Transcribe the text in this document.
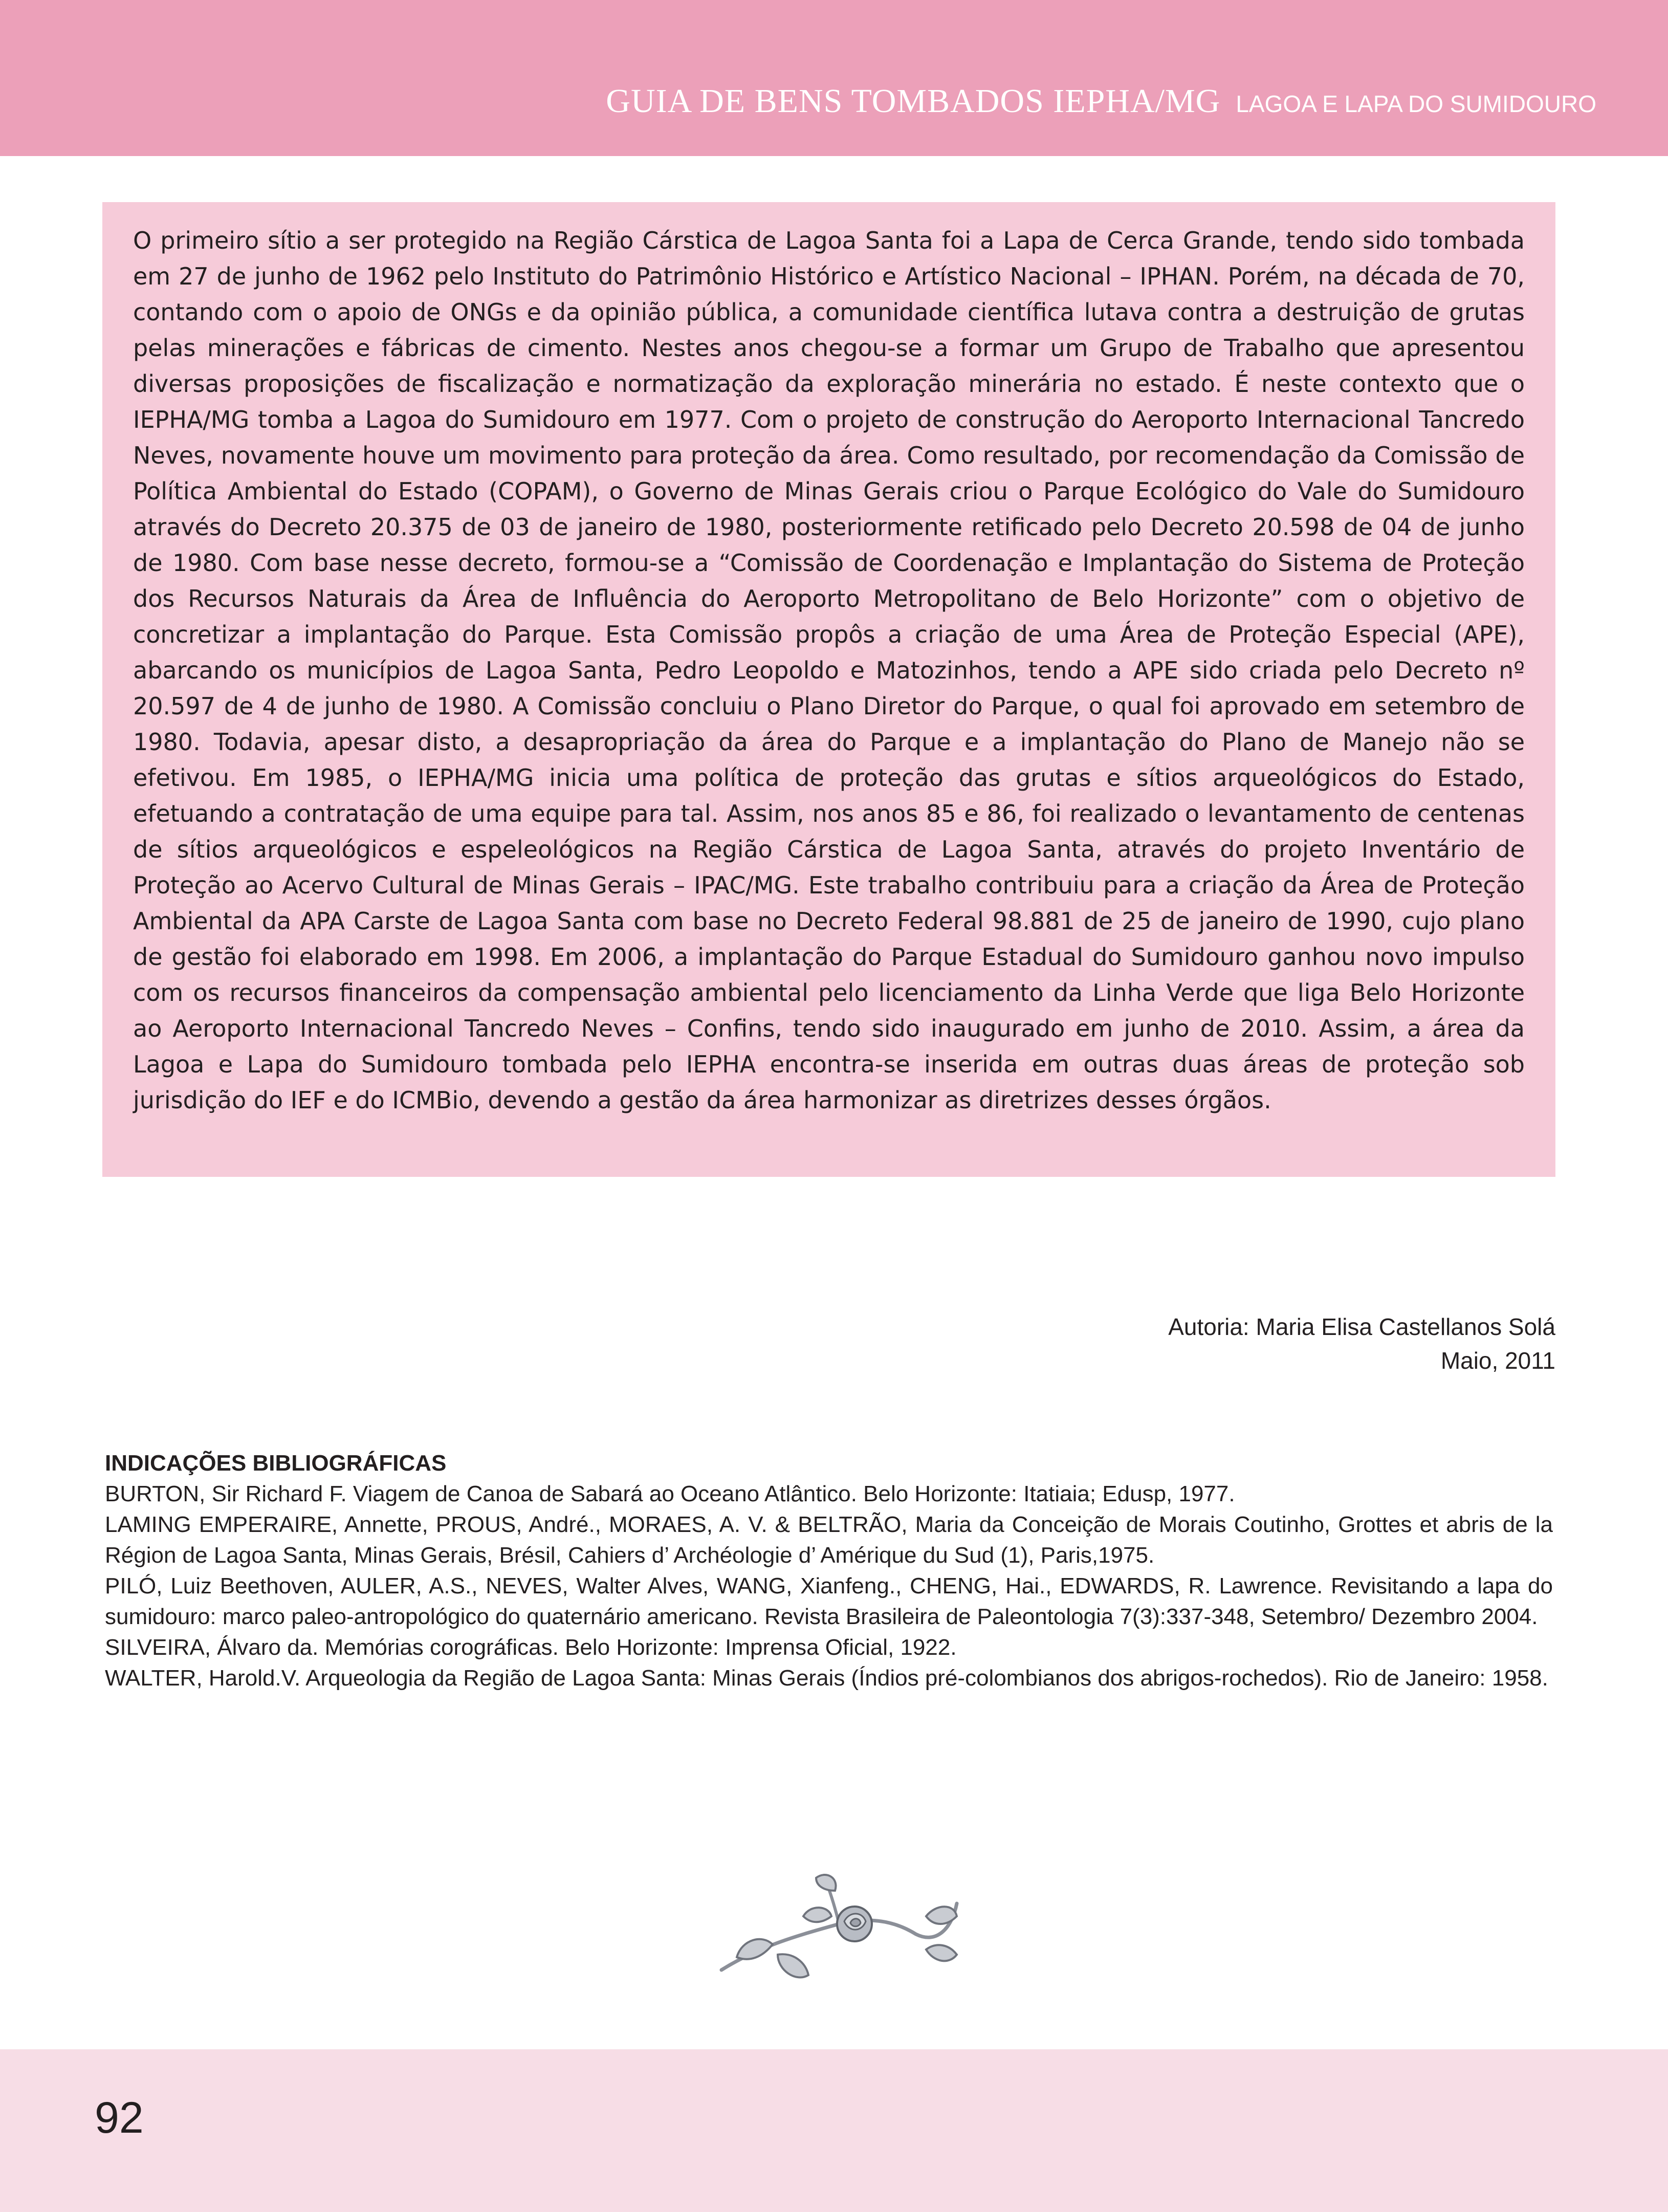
GUIA DE BENS TOMBADOS IEPHA/MG LAGOA E LAPA DO SUMIDOURO

O primeiro sítio a ser protegido na Região Cárstica de Lagoa Santa foi a Lapa de Cerca Grande, tendo sido tombada em 27 de junho de 1962 pelo Instituto do Patrimônio Histórico e Artístico Nacional – IPHAN. Porém, na década de 70, contando com o apoio de ONGs e da opinião pública, a comunidade científica lutava contra a destruição de grutas pelas minerações e fábricas de cimento. Nestes anos chegou-se a formar um Grupo de Trabalho que apresentou diversas proposições de fiscalização e normatização da exploração minerária no estado. É neste contexto que o IEPHA/MG tomba a Lagoa do Sumidouro em 1977. Com o projeto de construção do Aeroporto Internacional Tancredo Neves, novamente houve um movimento para proteção da área. Como resultado, por recomendação da Comissão de Política Ambiental do Estado (COPAM), o Governo de Minas Gerais criou o Parque Ecológico do Vale do Sumidouro através do Decreto 20.375 de 03 de janeiro de 1980, posteriormente retificado pelo Decreto 20.598 de 04 de junho de 1980. Com base nesse decreto, formou-se a “Comissão de Coordenação e Implantação do Sistema de Proteção dos Recursos Naturais da Área de Influência do Aeroporto Metropolitano de Belo Horizonte” com o objetivo de concretizar a implantação do Parque. Esta Comissão propôs a criação de uma Área de Proteção Especial (APE), abarcando os municípios de Lagoa Santa, Pedro Leopoldo e Matozinhos, tendo a APE sido criada pelo Decreto nº 20.597 de 4 de junho de 1980. A Comissão concluiu o Plano Diretor do Parque, o qual foi aprovado em setembro de 1980. Todavia, apesar disto, a desapropriação da área do Parque e a implantação do Plano de Manejo não se efetivou. Em 1985, o IEPHA/MG inicia uma política de proteção das grutas e sítios arqueológicos do Estado, efetuando a contratação de uma equipe para tal. Assim, nos anos 85 e 86, foi realizado o levantamento de centenas de sítios arqueológicos e espeleológicos na Região Cárstica de Lagoa Santa, através do projeto Inventário de Proteção ao Acervo Cultural de Minas Gerais – IPAC/MG. Este trabalho contribuiu para a criação da Área de Proteção Ambiental da APA Carste de Lagoa Santa com base no Decreto Federal 98.881 de 25 de janeiro de 1990, cujo plano de gestão foi elaborado em 1998. Em 2006, a implantação do Parque Estadual do Sumidouro ganhou novo impulso com os recursos financeiros da compensação ambiental pelo licenciamento da Linha Verde que liga Belo Horizonte ao Aeroporto Internacional Tancredo Neves – Confins, tendo sido inaugurado em junho de 2010. Assim, a área da Lagoa e Lapa do Sumidouro tombada pelo IEPHA encontra-se inserida em outras duas áreas de proteção sob jurisdição do IEF e do ICMBio, devendo a gestão da área harmonizar as diretrizes desses órgãos.

Autoria: Maria Elisa Castellanos Solá
Maio, 2011

INDICAÇÕES BIBLIOGRÁFICAS

BURTON, Sir Richard F. Viagem de Canoa de Sabará ao Oceano Atlântico. Belo Horizonte: Itatiaia; Edusp, 1977.

LAMING EMPERAIRE, Annette, PROUS, André., MORAES, A. V. & BELTRÃO, Maria da Conceição de Morais Coutinho, Grottes et abris de la Région de Lagoa Santa, Minas Gerais, Brésil, Cahiers d’ Archéologie d’ Amérique du Sud (1), Paris,1975.

PILÓ, Luiz Beethoven, AULER, A.S., NEVES, Walter Alves, WANG, Xianfeng., CHENG, Hai., EDWARDS, R. Lawrence. Revisitando a lapa do sumidouro: marco paleo-antropológico do quaternário americano. Revista Brasileira de Paleontologia 7(3):337-348, Setembro/ Dezembro 2004.

SILVEIRA, Álvaro da. Memórias corográficas. Belo Horizonte: Imprensa Oficial, 1922.

WALTER, Harold.V. Arqueologia da Região de Lagoa Santa: Minas Gerais (Índios pré-colombianos dos abrigos-rochedos). Rio de Janeiro: 1958.

92
